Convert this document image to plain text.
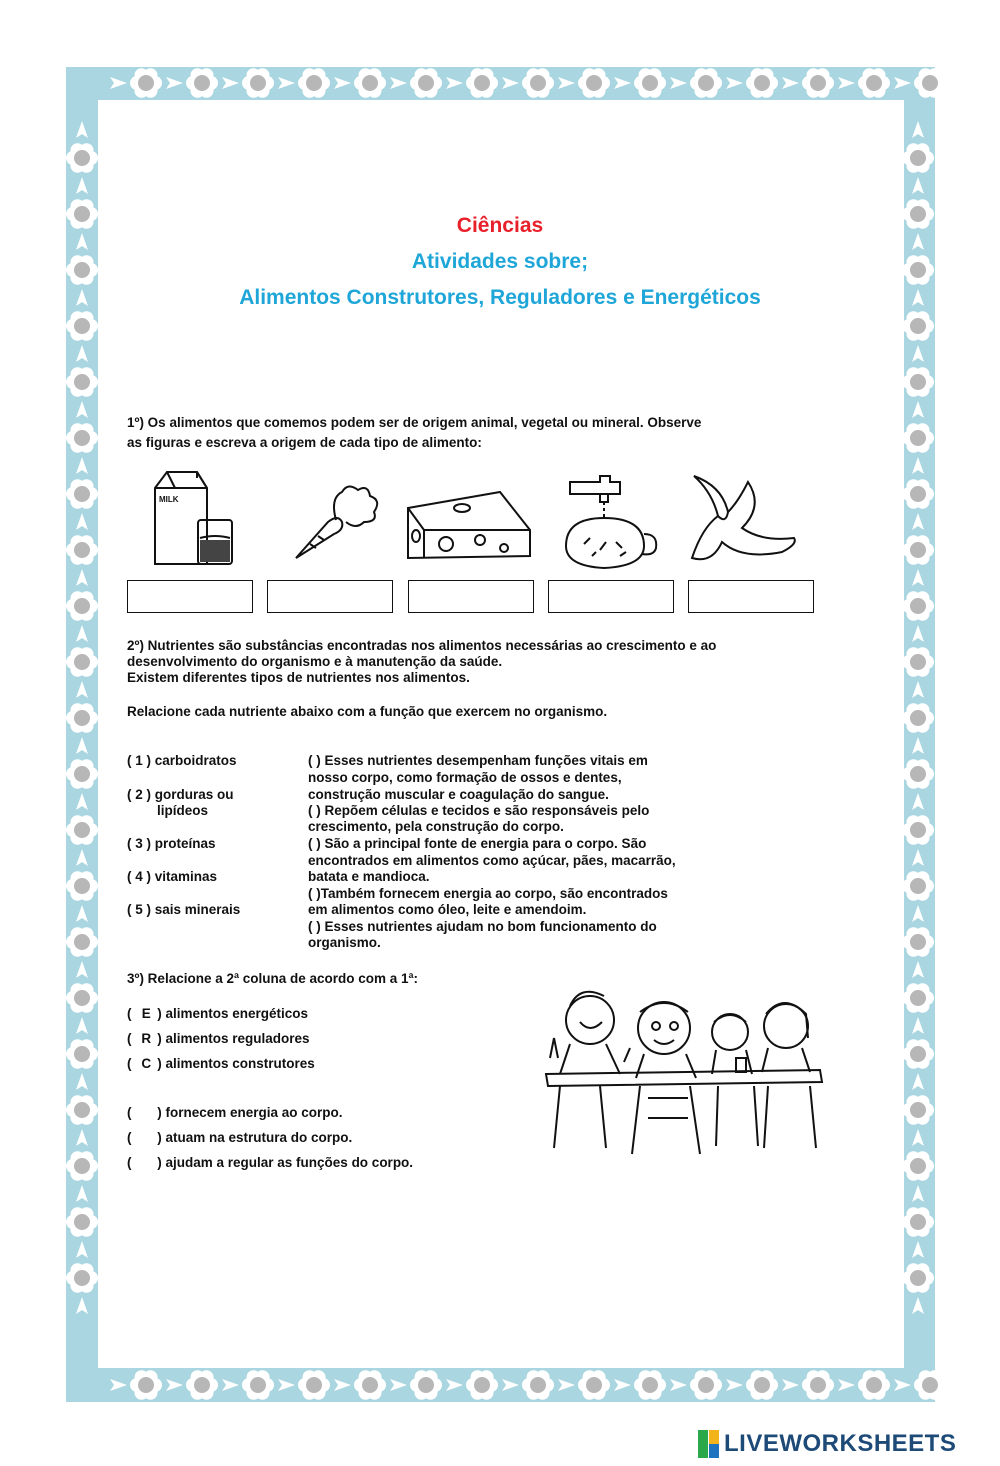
Ciências
Atividades sobre;
Alimentos Construtores, Reguladores e Energéticos
1º) Os alimentos que comemos podem ser de origem animal, vegetal ou mineral. Observe
as figuras e escreva a origem de cada tipo de alimento:
MILK
2º) Nutrientes são substâncias encontradas nos alimentos necessárias ao crescimento e ao
desenvolvimento do organismo e à manutenção da saúde.
Existem diferentes tipos de nutrientes nos alimentos.
Relacione cada nutriente abaixo com a função que exercem no organismo.
( 1 ) carboidratos
( 2 ) gorduras ou
lipídeos
( 3 ) proteínas
( 4 ) vitaminas
( 5 ) sais minerais
( ) Esses nutrientes desempenham funções vitais em
nosso corpo, como formação de ossos e dentes,
construção muscular e coagulação do sangue.
( ) Repõem células e tecidos e são responsáveis pelo
crescimento, pela construção do corpo.
( ) São a principal fonte de energia para o corpo. São
encontrados em alimentos como açúcar, pães, macarrão,
batata e mandioca.
( )Também fornecem energia ao corpo, são encontrados
em alimentos como óleo, leite e amendoim.
( ) Esses nutrientes ajudam no bom funcionamento do
organismo.
3º) Relacione a 2ª coluna de acordo com a 1ª:
( E ) alimentos energéticos
( R ) alimentos reguladores
( C ) alimentos construtores
( ) fornecem energia ao corpo.
( ) atuam na estrutura do corpo.
( ) ajudam a regular as funções do corpo.
LIVEWORKSHEETS
